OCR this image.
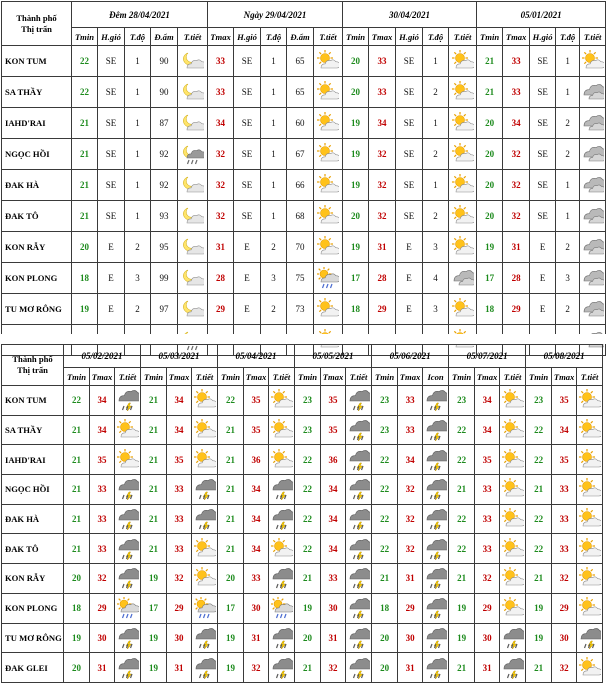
Thành phố
Thị trấn	Đêm 28/04/2021					Ngày 29/04/2021					30/04/2021					05/01/2021				
	Tmin	H.gió	T.độ	Đ.ẩm	T.tiết	Tmax	H.gió	T.độ	Đ.ẩm	T.tiết	Tmin	Tmax	H.gió	T.độ	T.tiết	Tmin	Tmax	H.gió	T.độ	T.tiết
KON TUM	22	SE	1	90		33	SE	1	65		20	33	SE	1		21	33	SE	1	

SA THẦY	22	SE	1	90		33	SE	1	65		20	33	SE	2		21	33	SE	1	

IAHD'RAI	21	SE	1	87		34	SE	1	60		19	34	SE	1		20	34	SE	2	

NGỌC HỒI	21	SE	1	92		32	SE	1	67		19	32	SE	2		20	32	SE	2	

ĐAK HÀ	21	SE	1	92		32	SE	1	66		19	32	SE	1		20	32	SE	1	

ĐAK TÔ	21	SE	1	93		32	SE	1	68		20	32	SE	2		20	32	SE	1	

KON RẪY	20	E	2	95		31	E	2	70		19	31	E	3		19	31	E	2	

KON PLONG	18	E	3	99		28	E	3	75		17	28	E	4		17	28	E	3	

TU MƠ RÔNG	19	E	2	97		29	E	2	73		18	29	E	3		18	29	E	2	

Thành phố
Thị trấn	05/02/2021			05/03/2021			05/04/2021			05/05/2021			05/06/2021			05/07/2021			05/08/2021		
	Tmin	Tmax	T.tiết	Tmin	Tmax	T.tiết	Tmin	Tmax	T.tiết	Tmin	Tmax	T.tiết	Tmin	Tmax	Icon	Tmin	Tmax	T.tiết	Tmin	Tmax	T.tiết
KON TUM	22	34		21	34		22	35		23	35		23	33		23	34		23	35	

SA THẦY	21	34		21	34		21	35		23	35		23	33		22	34		22	34	

IAHD'RAI	21	35		21	35		21	36		22	36		22	34		22	35		22	35	

NGỌC HỒI	21	33		21	33		21	34		22	34		22	32		21	33		21	33	

ĐAK HÀ	21	33		21	33		21	34		22	34		22	32		22	33		22	33	

ĐAK TÔ	21	33		21	33		21	34		22	34		22	32		22	33		22	33	

KON RẪY	20	32		19	32		20	33		21	33		21	31		21	32		21	32	

KON PLONG	18	29		17	29		17	30		19	30		18	29		19	29		19	29	

TU MƠ RÔNG	19	30		19	30		19	31		20	31		20	30		19	30		19	30	

ĐAK GLEI	20	31		19	31		19	32		21	32		20	31		21	31		21	32	
